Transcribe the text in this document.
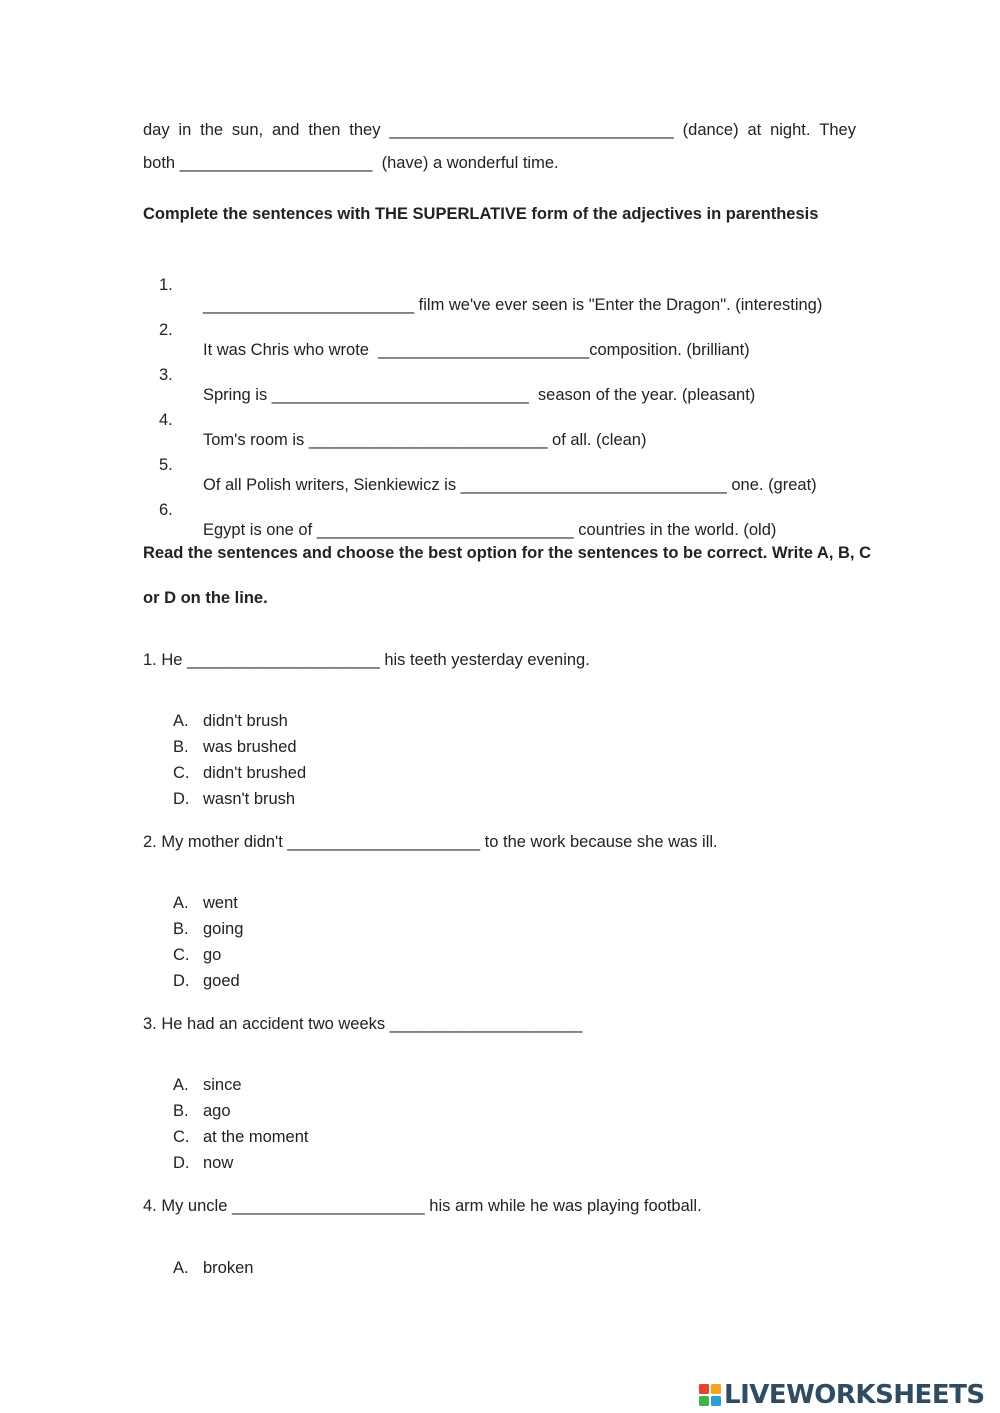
day in the sun, and then they _______________________________ (dance) at night. They
both _____________________  (have) a wonderful time.
Complete the sentences with THE SUPERLATIVE form of the adjectives in parenthesis

1.

_______________________ film we've ever seen is "Enter the Dragon". (interesting)

2.

It was Chris who wrote  _______________________composition. (brilliant)

3.

Spring is ____________________________  season of the year. (pleasant)

4.

Tom's room is __________________________ of all. (clean)

5.

Of all Polish writers, Sienkiewicz is _____________________________ one. (great)

6.

Egypt is one of ____________________________ countries in the world. (old)

Read the sentences and choose the best option for the sentences to be correct. Write A, B, C
or D on the line.
1. He _____________________ his teeth yesterday evening.
A. didn't brush
B. was brushed
C. didn't brushed
D. wasn't brush
2. My mother didn't _____________________ to the work because she was ill.
A. went
B. going
C. go
D. goed
3. He had an accident two weeks _____________________
A. since
B. ago
C. at the moment
D. now
4. My uncle _____________________ his arm while he was playing football.
A. broken
LIVEWORKSHEETS
